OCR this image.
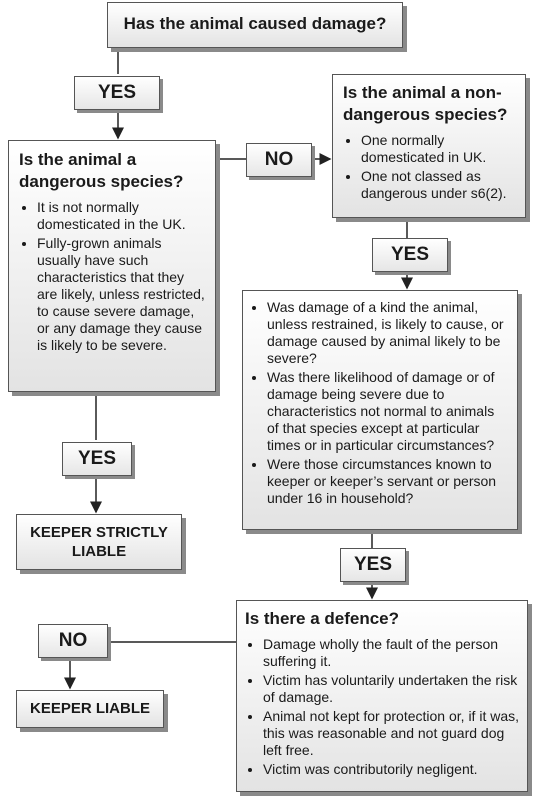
Has the animal caused damage?
YES
YES
YES
YES
NO
NO
Is the animal a dangerous species?
• It is not normally domesticated in the UK.
• Fully-grown animals usually have such characteristics that they are likely, unless restricted, to cause severe damage, or any damage they cause is likely to be severe.
Is the animal a non-dangerous species?
• One normally domesticated in UK.
• One not classed as dangerous under s6(2).
• Was damage of a kind the animal, unless restrained, is likely to cause, or damage caused by animal likely to be severe?
• Was there likelihood of damage or of damage being severe due to characteristics not normal to animals of that species except at particular times or in particular circumstances?
• Were those circumstances known to keeper or keeper’s servant or person under 16 in household?
Is there a defence?
• Damage wholly the fault of the person suffering it.
• Victim has voluntarily undertaken the risk of damage.
• Animal not kept for protection or, if it was, this was reasonable and not guard dog left free.
• Victim was contributorily negligent.
KEEPER STRICTLY LIABLE
KEEPER LIABLE
